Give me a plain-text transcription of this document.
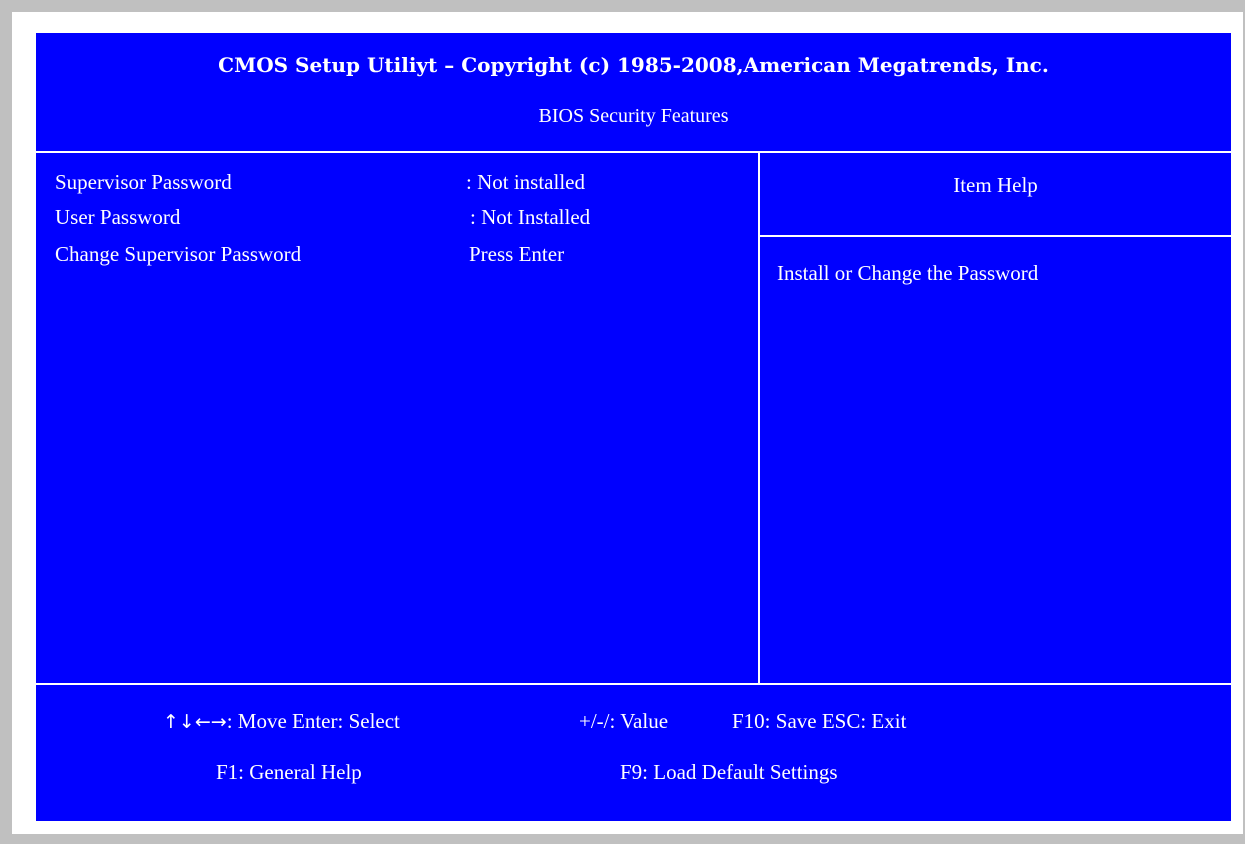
CMOS Setup Utiliyt – Copyright (c) 1985-2008,American Megatrends, Inc.
BIOS Security Features
Supervisor Password	: Not installed
User Password	: Not Installed
Change Supervisor Password	Press Enter
Item Help
Install or Change the Password
↑↓←→: Move Enter: Select	+/-/: Value	F10: Save ESC: Exit
F1: General Help	F9: Load Default Settings
